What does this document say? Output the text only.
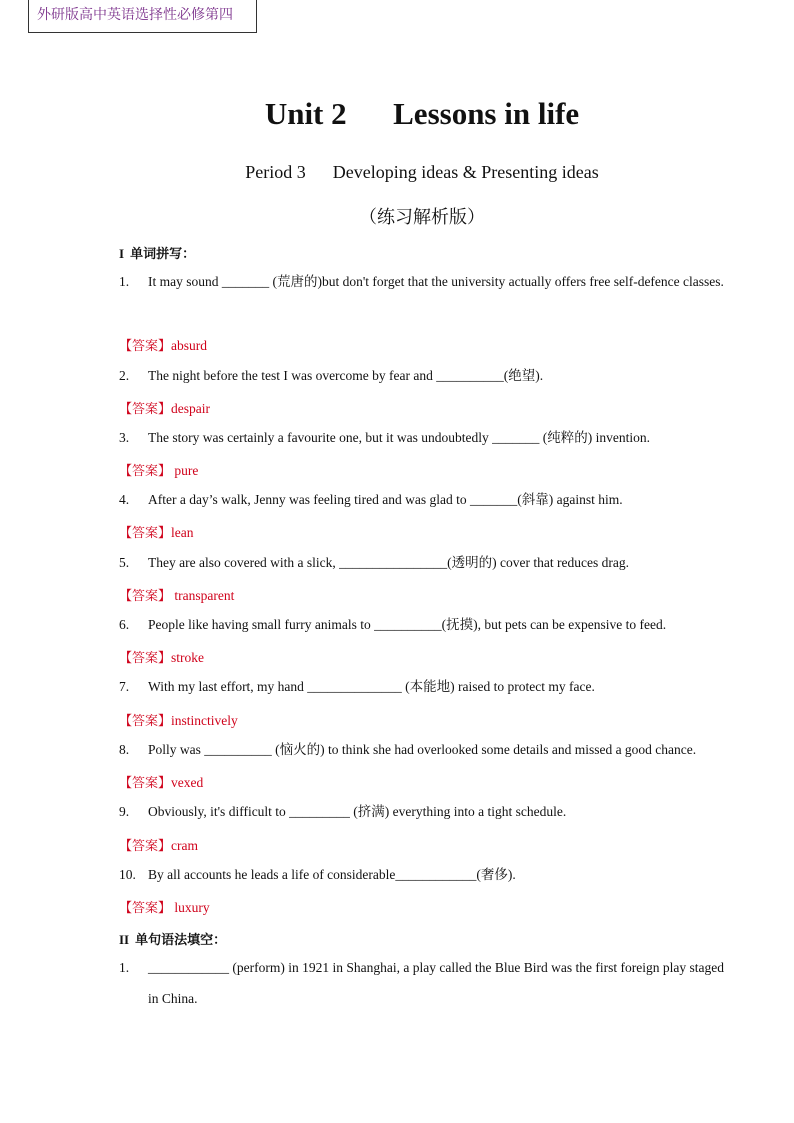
外研版高中英语选择性必修第四
Unit 2      Lessons in life
Period 3      Developing ideas & Presenting ideas
（练习解析版）
I 单词拼写：
1. It may sound _______ (荒唐的)but don't forget that the university actually offers free self-defence classes.
【答案】absurd
2. The night before the test I was overcome by fear and __________(绝望).
【答案】despair
3. The story was certainly a favourite one, but it was undoubtedly _______ (纯粹的) invention.
【答案】 pure
4. After a day’s walk, Jenny was feeling tired and was glad to _______(斜靠) against him.
【答案】lean
5. They are also covered with a slick, ________________(透明的) cover that reduces drag.
【答案】 transparent
6. People like having small furry animals to __________(抚摸), but pets can be expensive to feed.
【答案】stroke
7. With my last effort, my hand ______________ (本能地) raised to protect my face.
【答案】instinctively
8. Polly was __________ (恼火的) to think she had overlooked some details and missed a good chance.
【答案】vexed
9. Obviously, it's difficult to _________ (挤满) everything into a tight schedule.
【答案】cram
10. By all accounts he leads a life of considerable____________(奢侈).
【答案】 luxury
II 单句语法填空：
1. ____________ (perform) in 1921 in Shanghai, a play called the Blue Bird was the first foreign play staged in China.
